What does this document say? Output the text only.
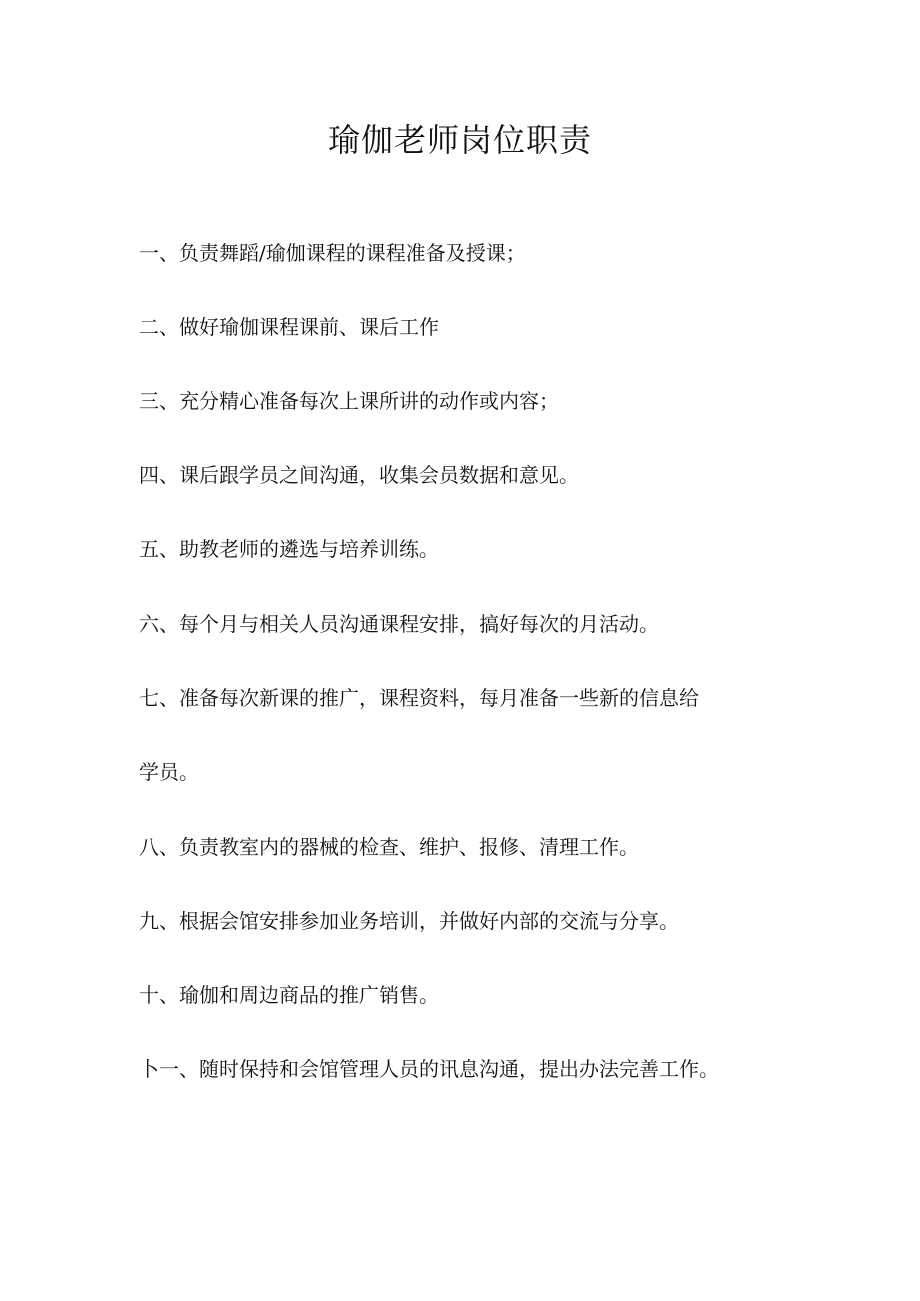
瑜伽老师岗位职责

一、负责舞蹈/瑜伽课程的课程准备及授课；

二、做好瑜伽课程课前、课后工作

三、充分精心准备每次上课所讲的动作或内容；

四、课后跟学员之间沟通，收集会员数据和意见。

五、助教老师的遴选与培养训练。

六、每个月与相关人员沟通课程安排，搞好每次的月活动。

七、准备每次新课的推广，课程资料，每月准备一些新的信息给

学员。

八、负责教室内的器械的检查、维护、报修、清理工作。

九、根据会馆安排参加业务培训，并做好内部的交流与分享。

十、瑜伽和周边商品的推广销售。

卜一、随时保持和会馆管理人员的讯息沟通，提出办法完善工作。
